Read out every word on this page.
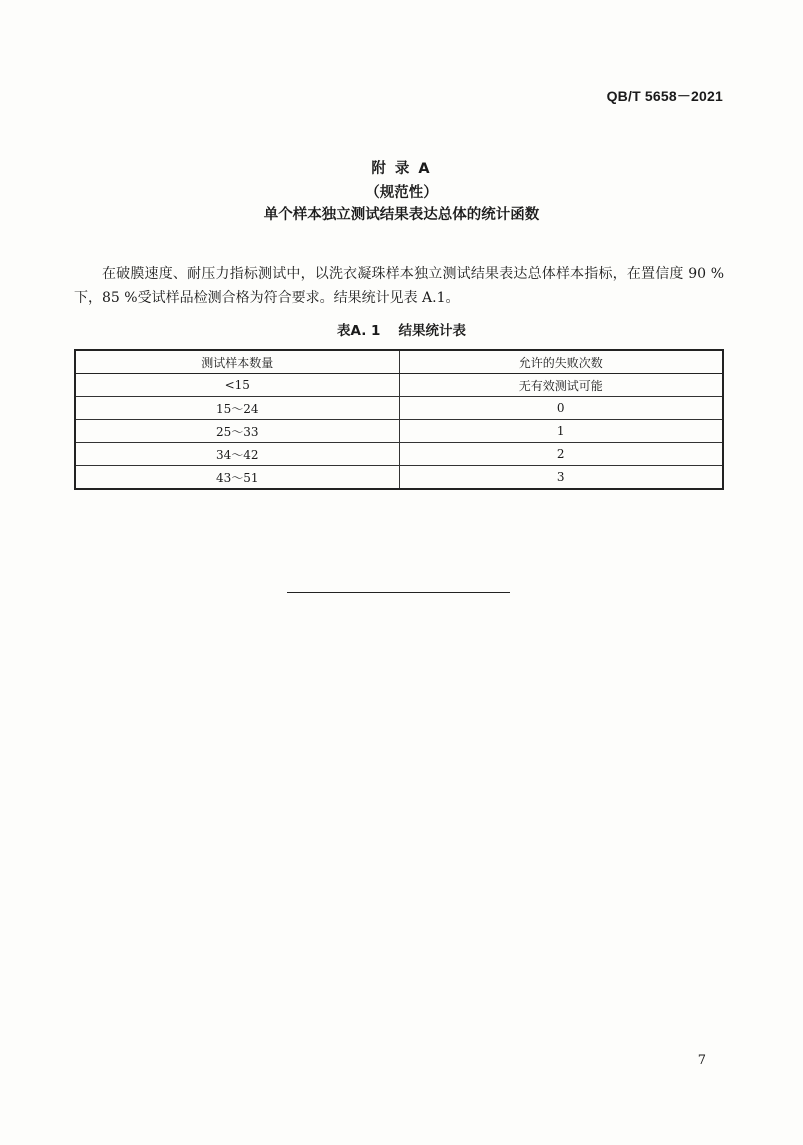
QB/T 5658－2021
附 录 A
（规范性）
单个样本独立测试结果表达总体的统计函数

在破膜速度、耐压力指标测试中，以洗衣凝珠样本独立测试结果表达总体样本指标，在置信度 90 % 下，85 %受试样品检测合格为符合要求。结果统计见表 A.1。

表A. 1 结果统计表
测试样本数量	允许的失败次数
<15	无有效测试可能
15～24	0
25～33	1
34～42	2
43～51	3
7
